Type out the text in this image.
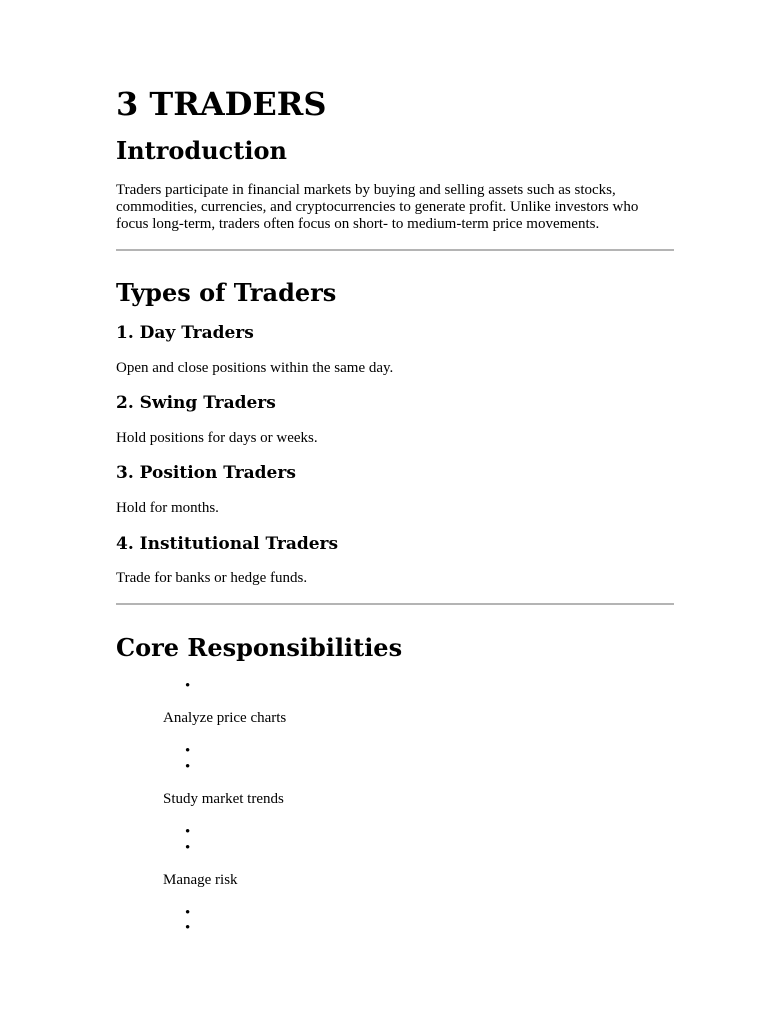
3 TRADERS
Introduction

Traders participate in financial markets by buying and selling assets such as stocks, commodities, currencies, and cryptocurrencies to generate profit. Unlike investors who focus long-term, traders often focus on short- to medium-term price movements.

Types of Traders
1. Day Traders

Open and close positions within the same day.

2. Swing Traders

Hold positions for days or weeks.

3. Position Traders

Hold for months.

4. Institutional Traders

Trade for banks or hedge funds.

Core Responsibilities
•

Analyze price charts

•
•

Study market trends

•
•

Manage risk

•
•
